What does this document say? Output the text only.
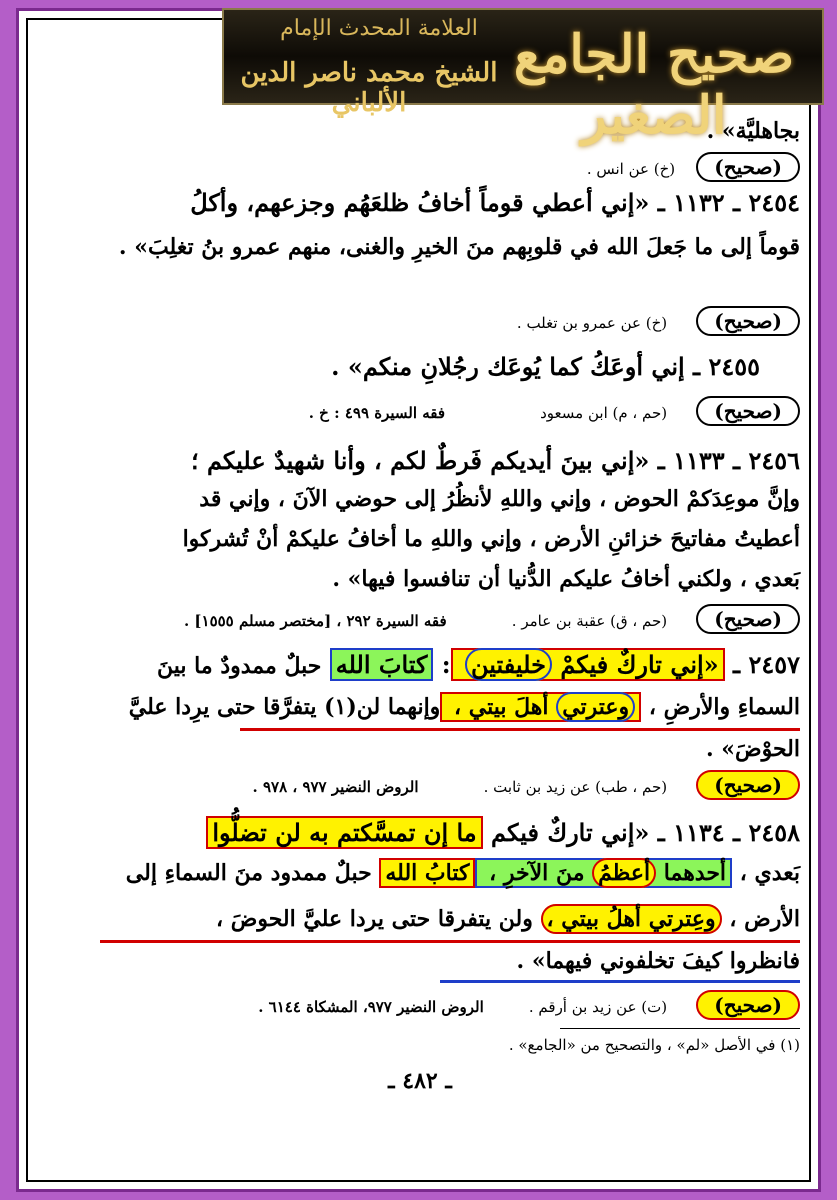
العلامة المحدث الإمام
الشيخ محمد ناصر الدين الألباني
صحيح الجامع الصغير
بجاهليَّة» .
(صحيح) (خ) عن انس .
٢٤٥٤ ـ ١١٣٢ ـ «إني أعطي قوماً أخافُ ظلعَهُم وجزعهم، وأكلُ
قوماً إلى ما جَعلَ الله في قلوبِهم منَ الخيرِ والغنى، منهم عمرو بنُ تغلِبَ» .
(صحيح) (خ) عن عمرو بن تغلب .
٢٤٥٥ ـ إني أوعَكُ كما يُوعَك رجُلانِ منكم» .
(صحيح) (حم ، م) ابن مسعود فقه السيرة ٤٩٩ : خ .
٢٤٥٦ ـ ١١٣٣ ـ «إني بينَ أيديكم فَرطٌ لكم ، وأنا شهيدٌ عليكم ؛
وإنَّ موعِدَكمْ الحوض ، وإني واللهِ لأنظُرُ إلى حوضي الآنَ ، وإني قد
أعطيتُ مفاتيحَ خزائنِ الأرض ، وإني واللهِ ما أخافُ عليكمْ أنْ تُشركوا
بَعدي ، ولكني أخافُ عليكم الدُّنيا أن تنافسوا فيها» .
(صحيح) (حم ، ق) عقبة بن عامر . فقه السيرة ٢٩٢ ، [مختصر مسلم ١٥٥٥] .
٢٤٥٧ ـ «إني تاركٌ فيكمْ خليفتين : كتابَ الله حبلٌ ممدودٌ ما بينَ
السماءِ والأرضِ ، وعترتي أهلَ بيتي ، وإنهما لن(١) يتفرَّقا حتى يرِدا عليَّ
الحوْضَ» .
(صحيح) (حم ، طب) عن زيد بن ثابت . الروض النضير ٩٧٧ ، ٩٧٨ .
٢٤٥٨ ـ ١١٣٤ ـ «إني تاركٌ فيكم ما إن تمسَّكتم به لن تضلُّوا
بَعدي ، أحدهما أعظمُ منَ الآخرِ ، كتابُ الله حبلٌ ممدود منَ السماءِ إلى
الأرض ، وعِترتي أهلُ بيتي ، ولن يتفرقا حتى يردا عليَّ الحوضَ ،
فانظروا كيفَ تخلفوني فيهما» .
(صحيح) (ت) عن زيد بن أرقم . الروض النضير ٩٧٧، المشكاة ٦١٤٤ .
(١) في الأصل «لم» ، والتصحيح من «الجامع» .
ـ ٤٨٢ ـ
